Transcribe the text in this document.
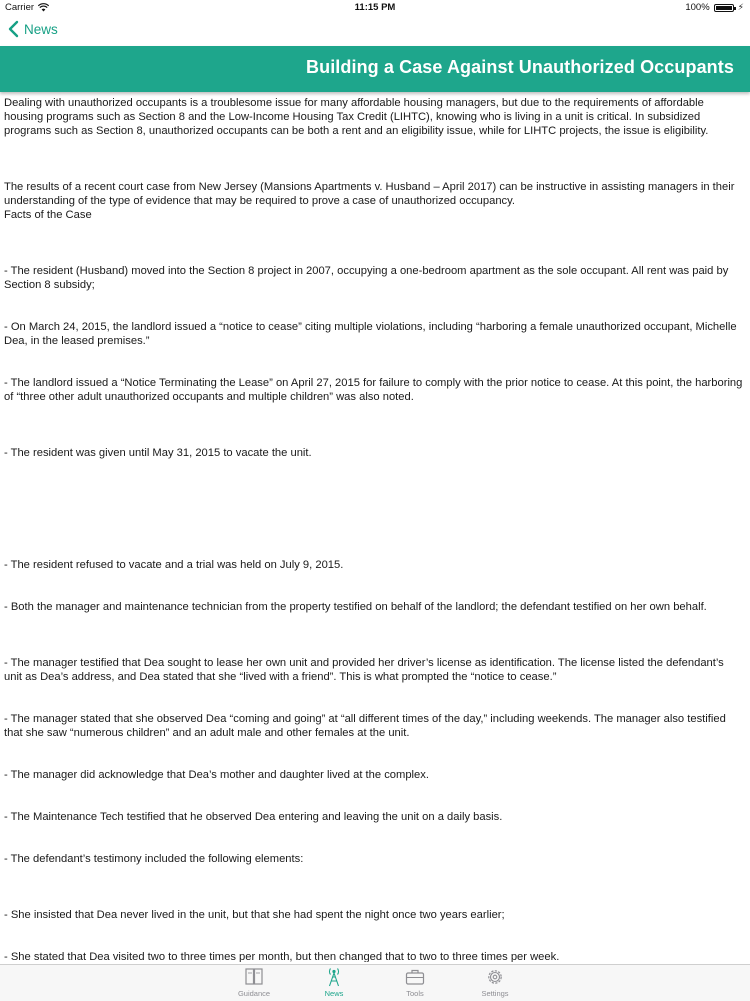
Carrier	11:15 PM	100%	⚡
News
Building a Case Against Unauthorized Occupants

Dealing with unauthorized occupants is a troublesome issue for many affordable housing managers, but due to the requirements of affordable housing programs such as Section 8 and the Low-Income Housing Tax Credit (LIHTC), knowing who is living in a unit is critical. In subsidized programs such as Section 8, unauthorized occupants can be both a rent and an eligibility issue, while for LIHTC projects, the issue is eligibility.

The results of a recent court case from New Jersey (Mansions Apartments v. Husband – April 2017) can be instructive in assisting managers in their understanding of the type of evidence that may be required to prove a case of unauthorized occupancy.

Facts of the Case

- The resident (Husband) moved into the Section 8 project in 2007, occupying a one-bedroom apartment as the sole occupant. All rent was paid by Section 8 subsidy;

- On March 24, 2015, the landlord issued a “notice to cease” citing multiple violations, including “harboring a female unauthorized occupant, Michelle Dea, in the leased premises.”

- The landlord issued a “Notice Terminating the Lease” on April 27, 2015 for failure to comply with the prior notice to cease. At this point, the harboring of “three other adult unauthorized occupants and multiple children” was also noted.

- The resident was given until May 31, 2015 to vacate the unit.

- The resident refused to vacate and a trial was held on July 9, 2015.

- Both the manager and maintenance technician from the property testified on behalf of the landlord; the defendant testified on her own behalf.

- The manager testified that Dea sought to lease her own unit and provided her driver’s license as identification. The license listed the defendant’s unit as Dea’s address, and Dea stated that she “lived with a friend”. This is what prompted the “notice to cease.”

- The manager stated that she observed Dea “coming and going” at “all different times of the day,” including weekends. The manager also testified that she saw “numerous children” and an adult male and other females at the unit.

- The manager did acknowledge that Dea’s mother and daughter lived at the complex.

- The Maintenance Tech testified that he observed Dea entering and leaving the unit on a daily basis.

- The defendant’s testimony included the following elements:

- She insisted that Dea never lived in the unit, but that she had spent the night once two years earlier;

- She stated that Dea visited two to three times per month, but then changed that to two to three times per week.

Guidance	News	Tools	Settings
